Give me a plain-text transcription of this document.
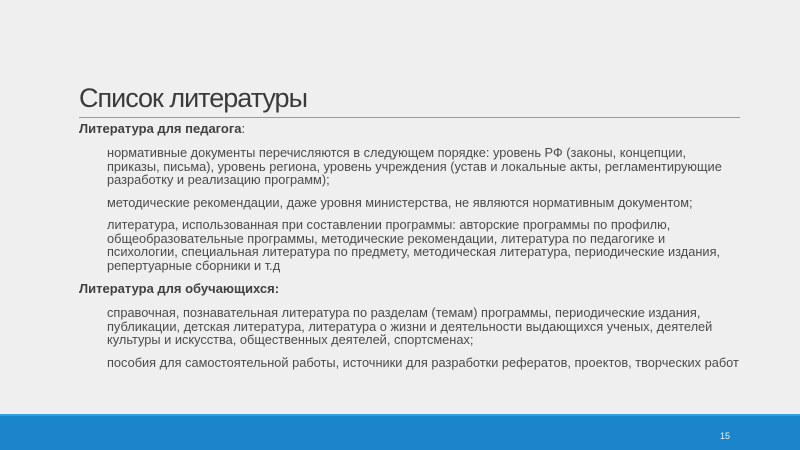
Список литературы

Литература для педагога:

нормативные документы перечисляются в следующем порядке: уровень РФ (законы, концепции, приказы, письма), уровень региона, уровень учреждения (устав и локальные акты, регламентирующие разработку и реализацию программ);

методические рекомендации, даже уровня министерства, не являются нормативным документом;

литература, использованная при составлении программы: авторские программы по профилю, общеобразовательные программы, методические рекомендации, литература по педагогике и психологии, специальная литература по предмету, методическая литература, периодические издания, репертуарные сборники и т.д

Литература для обучающихся:

справочная, познавательная литература по разделам (темам) программы, периодические издания, публикации, детская литература, литература о жизни и деятельности выдающихся ученых, деятелей культуры и искусства, общественных деятелей, спортсменах;

пособия для самостоятельной работы, источники для разработки рефератов, проектов, творческих работ

15
